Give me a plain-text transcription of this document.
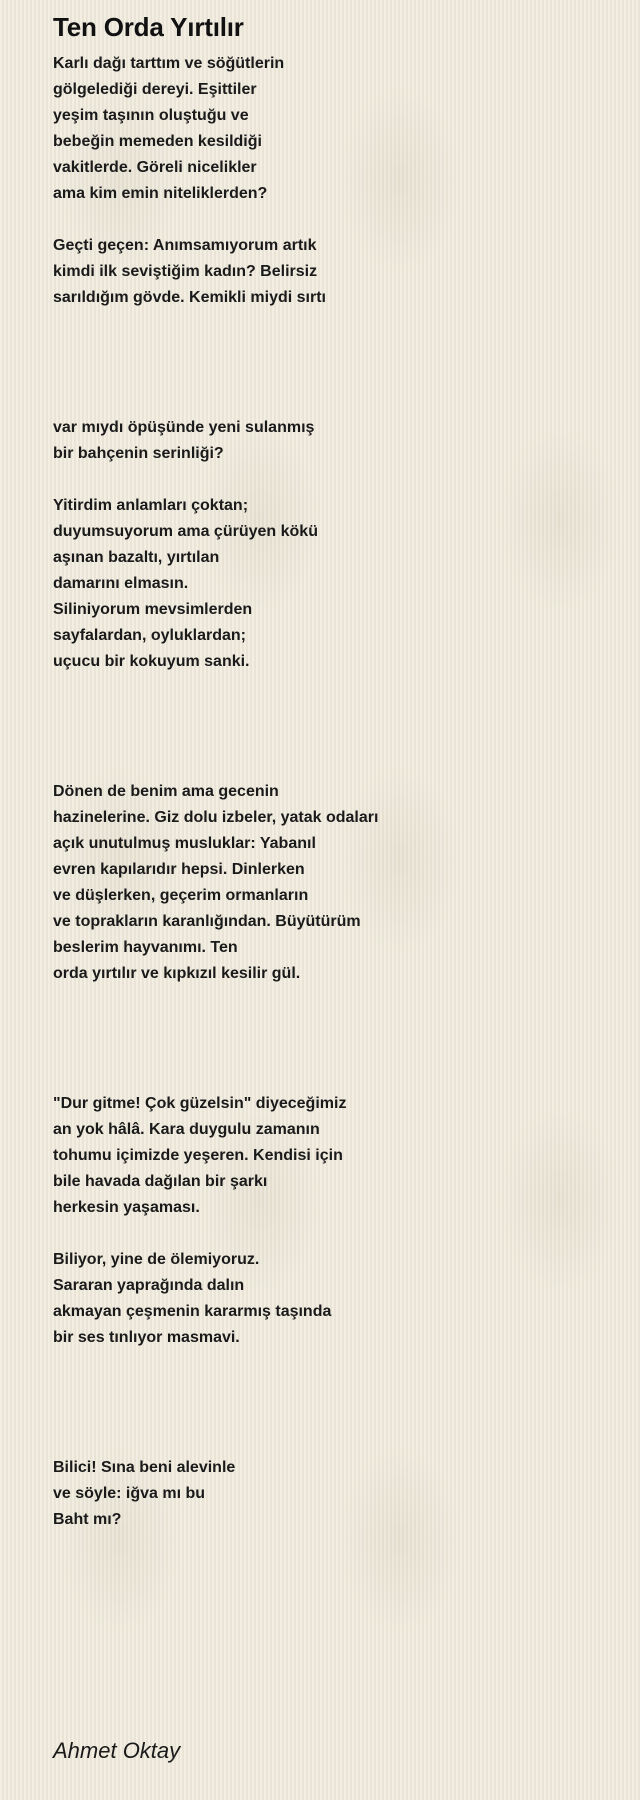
Ten Orda Yırtılır
Karlı dağı tarttım ve söğütlerin
gölgelediği dereyi. Eşittiler
yeşim taşının oluştuğu ve
bebeğin memeden kesildiği
vakitlerde. Göreli nicelikler
ama kim emin niteliklerden?
Geçti geçen: Anımsamıyorum artık
kimdi ilk seviştiğim kadın? Belirsiz
sarıldığım gövde. Kemikli miydi sırtı
var mıydı öpüşünde yeni sulanmış
bir bahçenin serinliği?
Yitirdim anlamları çoktan;
duyumsuyorum ama çürüyen kökü
aşınan bazaltı, yırtılan
damarını elmasın.
Siliniyorum mevsimlerden
sayfalardan, oyluklardan;
uçucu bir kokuyum sanki.
Dönen de benim ama gecenin
hazinelerine. Giz dolu izbeler, yatak odaları
açık unutulmuş musluklar: Yabanıl
evren kapılarıdır hepsi. Dinlerken
ve düşlerken, geçerim ormanların
ve toprakların karanlığından. Büyütürüm
beslerim hayvanımı. Ten
orda yırtılır ve kıpkızıl kesilir gül.
"Dur gitme! Çok güzelsin" diyeceğimiz
an yok hâlâ. Kara duygulu zamanın
tohumu içimizde yeşeren. Kendisi için
bile havada dağılan bir şarkı
herkesin yaşaması.
Biliyor, yine de ölemiyoruz.
Sararan yaprağında dalın
akmayan çeşmenin kararmış taşında
bir ses tınlıyor masmavi.
Bilici! Sına beni alevinle
ve söyle: iğva mı bu
Baht mı?
Ahmet Oktay
